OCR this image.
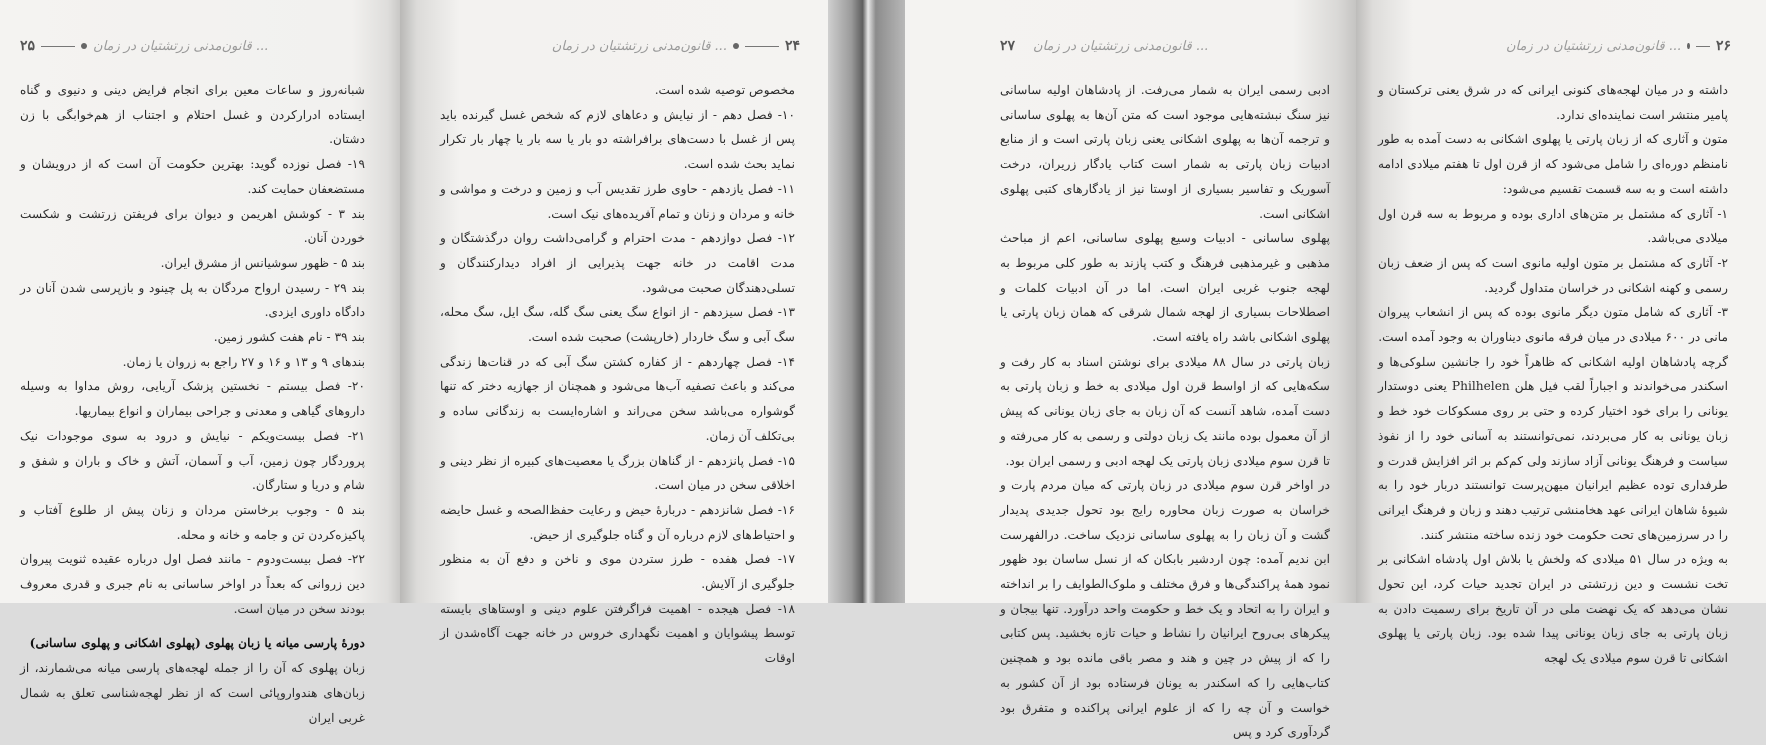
۲۵	قانون‌مدنی زرتشتیان در زمان ...

شبانه‌روز و ساعات معین برای انجام فرایض دینی و دنیوی و گناه ایستاده ادرارکردن و غسل احتلام و اجتناب از هم‌خوابگی با زن دشتان.

۱۹- فصل نوزده گوید: بهترین حکومت آن است که از درویشان و مستضعفان حمایت کند.

بند ۳ - کوشش اهریمن و دیوان برای فریفتن زرتشت و شکست خوردن آنان.

بند ۵ - ظهور سوشیانس از مشرق ایران.

بند ۲۹ - رسیدن ارواح مردگان به پل چینود و بازپرسی شدن آنان در دادگاه داوری ایزدی.

بند ۳۹ - نام هفت کشور زمین.

بندهای ۹ و ۱۳ و ۱۶ و ۲۷ راجع به زروان یا زمان.

۲۰- فصل بیستم - نخستین پزشک آریایی، روش مداوا به وسیله داروهای گیاهی و معدنی و جراحی بیماران و انواع بیماریها.

۲۱- فصل بیست‌ویکم - نیایش و درود به سوی موجودات نیک پروردگار چون زمین، آب و آسمان، آتش و خاک و باران و شفق و شام و دریا و ستارگان.

بند ۵ - وجوب برخاستن مردان و زنان پیش از طلوع آفتاب و پاکیزه‌کردن تن و جامه و خانه و محله.

۲۲- فصل بیست‌ودوم - مانند فصل اول درباره عقیده ثنویت پیروان دین زروانی که بعداً در اواخر ساسانی به نام جبری و قدری معروف بودند سخن در میان است.

دورهٔ پارسی میانه یا زبان پهلوی (پهلوی اشکانی و پهلوی ساسانی)

زبان پهلوی که آن را از جمله لهجه‌های پارسی میانه می‌شمارند، از زبان‌های هندواروپائی است که از نظر لهجه‌شناسی تعلق به شمال غربی ایران

قانون‌مدنی زرتشتیان در زمان ...	۲۴

مخصوص توصیه شده است.

۱۰- فصل دهم - از نیایش و دعاهای لازم که شخص غسل گیرنده باید پس از غسل با دست‌های برافراشته دو بار یا سه بار یا چهار بار تکرار نماید بحث شده است.

۱۱- فصل یازدهم - حاوی طرز تقدیس آب و زمین و درخت و مواشی و خانه و مردان و زنان و تمام آفریده‌های نیک است.

۱۲- فصل دوازدهم - مدت احترام و گرامی‌داشت روان درگذشتگان و مدت اقامت در خانه جهت پذیرایی از افراد دیدارکنندگان و تسلی‌دهندگان صحبت می‌شود.

۱۳- فصل سیزدهم - از انواع سگ یعنی سگ گله، سگ ایل، سگ محله، سگ آبی و سگ خاردار (خارپشت) صحبت شده است.

۱۴- فصل چهاردهم - از کفاره کشتن سگ آبی که در قنات‌ها زندگی می‌کند و باعث تصفیه آب‌ها می‌شود و همچنان از جهازیه دختر که تنها گوشواره می‌باشد سخن می‌راند و اشاره‌ایست به زندگانی ساده و بی‌تکلف آن زمان.

۱۵- فصل پانزدهم - از گناهان بزرگ یا معصیت‌های کبیره از نظر دینی و اخلاقی سخن در میان است.

۱۶- فصل شانزدهم - دربارهٔ حیض و رعایت حفظ‌الصحه و غسل حایضه و احتیاط‌های لازم درباره آن و گناه جلوگیری از حیض.

۱۷- فصل هفده - طرز ستردن موی و ناخن و دفع آن به منظور جلوگیری از آلایش.

۱۸- فصل هیجده - اهمیت فراگرفتن علوم دینی و اوستاهای بایسته توسط پیشوایان و اهمیت نگهداری خروس در خانه جهت آگاه‌شدن از اوقات

۲۷ قانون‌مدنی زرتشتیان در زمان ...

ادبی رسمی ایران به شمار می‌رفت. از پادشاهان اولیه ساسانی نیز سنگ نبشته‌هایی موجود است که متن آن‌ها به پهلوی ساسانی و ترجمه آن‌ها به پهلوی اشکانی یعنی زبان پارتی است و از منابع ادبیات زبان پارتی به شمار است کتاب یادگار زریران، درخت آسوریک و تفاسیر بسیاری از اوستا نیز از یادگارهای کتبی پهلوی اشکانی است.

پهلوی ساسانی - ادبیات وسیع پهلوی ساسانی، اعم از مباحث مذهبی و غیرمذهبی فرهنگ و کتب پازند به طور کلی مربوط به لهجه جنوب غربی ایران است. اما در آن ادبیات کلمات و اصطلاحات بسیاری از لهجه شمال شرقی که همان زبان پارتی یا پهلوی اشکانی باشد راه یافته است.

زبان پارتی در سال ۸۸ میلادی برای نوشتن اسناد به کار رفت و سکه‌هایی که از اواسط قرن اول میلادی به خط و زبان پارتی به دست آمده، شاهد آنست که آن زبان به جای زبان یونانی که پیش از آن معمول بوده مانند یک زبان دولتی و رسمی به کار می‌رفته و تا قرن سوم میلادی زبان پارتی یک لهجه ادبی و رسمی ایران بود.

در اواخر قرن سوم میلادی در زبان پارتی که میان مردم پارت و خراسان به صورت زبان محاوره رایج بود تحول جدیدی پدیدار گشت و آن زبان را به پهلوی ساسانی نزدیک ساخت. درالفهرست ابن ندیم آمده: چون اردشیر بابکان که از نسل ساسان بود ظهور نمود همهٔ پراکندگی‌ها و فرق مختلف و ملوک‌الطوایف را بر انداخته و ایران را به اتحاد و یک خط و حکومت واحد درآورد. تنها بیجان و پیکرهای بی‌روح ایرانیان را نشاط و حیات تازه بخشید. پس کتابی را که از پیش در چین و هند و مصر باقی مانده بود و همچنین کتاب‌هایی را که اسکندر به یونان فرستاده بود از آن کشور به خواست و آن چه را که از علوم ایرانی پراکنده و متفرق بود گردآوری کرد و پس

قانون‌مدنی زرتشتیان در زمان ... ۲۶

داشته و در میان لهجه‌های کنونی ایرانی که در شرق یعنی ترکستان و پامیر منتشر است نماینده‌ای ندارد.

متون و آثاری که از زبان پارتی یا پهلوی اشکانی به دست آمده به طور نامنظم دوره‌ای را شامل می‌شود که از قرن اول تا هفتم میلادی ادامه داشته است و به سه قسمت تقسیم می‌شود:

۱- آثاری که مشتمل بر متن‌های اداری بوده و مربوط به سه قرن اول میلادی می‌باشد.

۲- آثاری که مشتمل بر متون اولیه مانوی است که پس از ضعف زبان رسمی و کهنه اشکانی در خراسان متداول گردید.

۳- آثاری که شامل متون دیگر مانوی بوده که پس از انشعاب پیروان مانی در ۶۰۰ میلادی در میان فرقه مانوی دیناوران به وجود آمده است.

گرچه پادشاهان اولیه اشکانی که ظاهراً خود را جانشین سلوکی‌ها و اسکندر می‌خواندند و اجباراً لقب فیل هلن Philhelen یعنی دوستدار یونانی را برای خود اختیار کرده و حتی بر روی مسکوکات خود خط و زبان یونانی به کار می‌بردند، نمی‌توانستند به آسانی خود را از نفوذ سیاست و فرهنگ یونانی آزاد سازند ولی کم‌کم بر اثر افزایش قدرت و طرفداری توده عظیم ایرانیان میهن‌پرست توانستند دربار خود را به شیوهٔ شاهان ایرانی عهد هخامنشی ترتیب دهند و زبان و فرهنگ ایرانی را در سرزمین‌های تحت حکومت خود زنده ساخته منتشر کنند.

به ویژه در سال ۵۱ میلادی که ولخش یا بلاش اول پادشاه اشکانی بر تخت نشست و دین زرتشتی در ایران تجدید حیات کرد، این تحول نشان می‌دهد که یک نهضت ملی در آن تاریخ برای رسمیت دادن به زبان پارتی به جای زبان یونانی پیدا شده بود. زبان پارتی یا پهلوی اشکانی تا قرن سوم میلادی یک لهجه
